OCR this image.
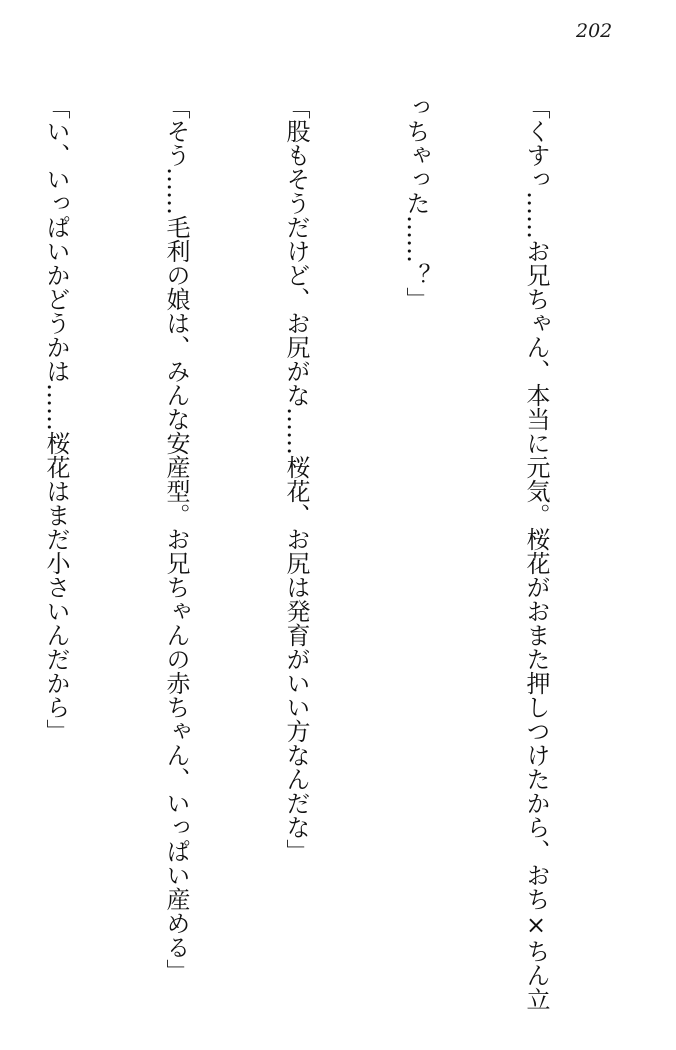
202

「くすっ……お兄ちゃん、本当に元気。桜花がおまた押しつけたから、おち×ちん立

っちゃった……？」

「股もそうだけど、お尻がな……桜花、お尻は発育がいい方なんだな」

「そう……毛利の娘は、みんな安産型。お兄ちゃんの赤ちゃん、いっぱい産める」

「い、いっぱいかどうかは……桜花はまだ小さいんだから」
